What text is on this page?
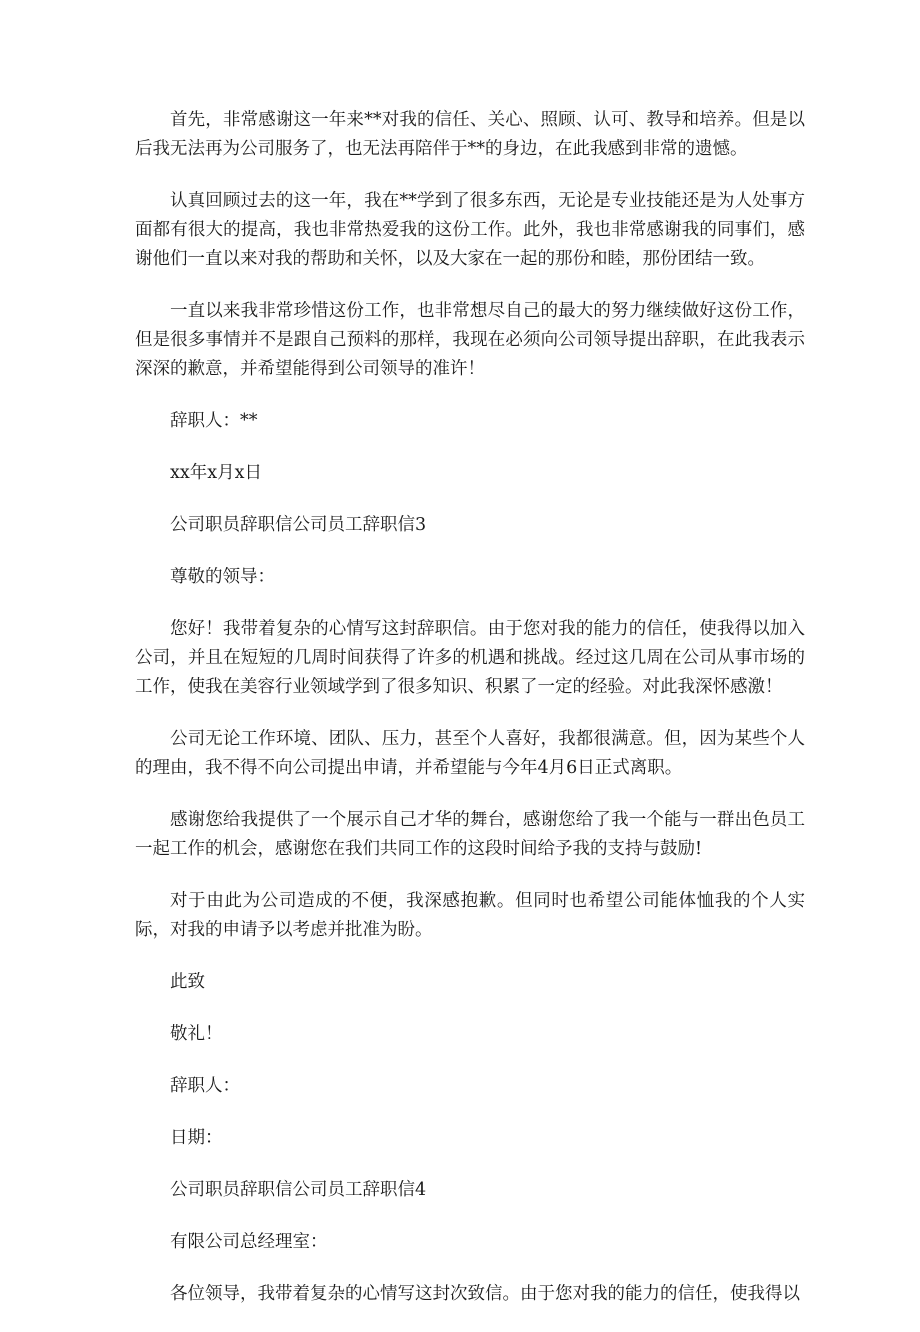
首先，非常感谢这一年来**对我的信任、关心、照顾、认可、教导和培养。但是以后我无法再为公司服务了，也无法再陪伴于**的身边，在此我感到非常的遗憾。

认真回顾过去的这一年，我在**学到了很多东西，无论是专业技能还是为人处事方面都有很大的提高，我也非常热爱我的这份工作。此外，我也非常感谢我的同事们，感谢他们一直以来对我的帮助和关怀，以及大家在一起的那份和睦，那份团结一致。

一直以来我非常珍惜这份工作，也非常想尽自己的最大的努力继续做好这份工作，但是很多事情并不是跟自己预料的那样，我现在必须向公司领导提出辞职，在此我表示深深的歉意，并希望能得到公司领导的准许！

辞职人：**

xx年x月x日

公司职员辞职信公司员工辞职信3

尊敬的领导：

您好！我带着复杂的心情写这封辞职信。由于您对我的能力的信任，使我得以加入公司，并且在短短的几周时间获得了许多的机遇和挑战。经过这几周在公司从事市场的工作，使我在美容行业领域学到了很多知识、积累了一定的经验。对此我深怀感激！

公司无论工作环境、团队、压力，甚至个人喜好，我都很满意。但，因为某些个人的理由，我不得不向公司提出申请，并希望能与今年4月6日正式离职。

感谢您给我提供了一个展示自己才华的舞台，感谢您给了我一个能与一群出色员工一起工作的机会，感谢您在我们共同工作的这段时间给予我的支持与鼓励!

对于由此为公司造成的不便，我深感抱歉。但同时也希望公司能体恤我的个人实际，对我的申请予以考虑并批准为盼。

此致

敬礼！

辞职人：

日期：

公司职员辞职信公司员工辞职信4

有限公司总经理室：

各位领导，我带着复杂的心情写这封次致信。由于您对我的能力的信任，使我得以
